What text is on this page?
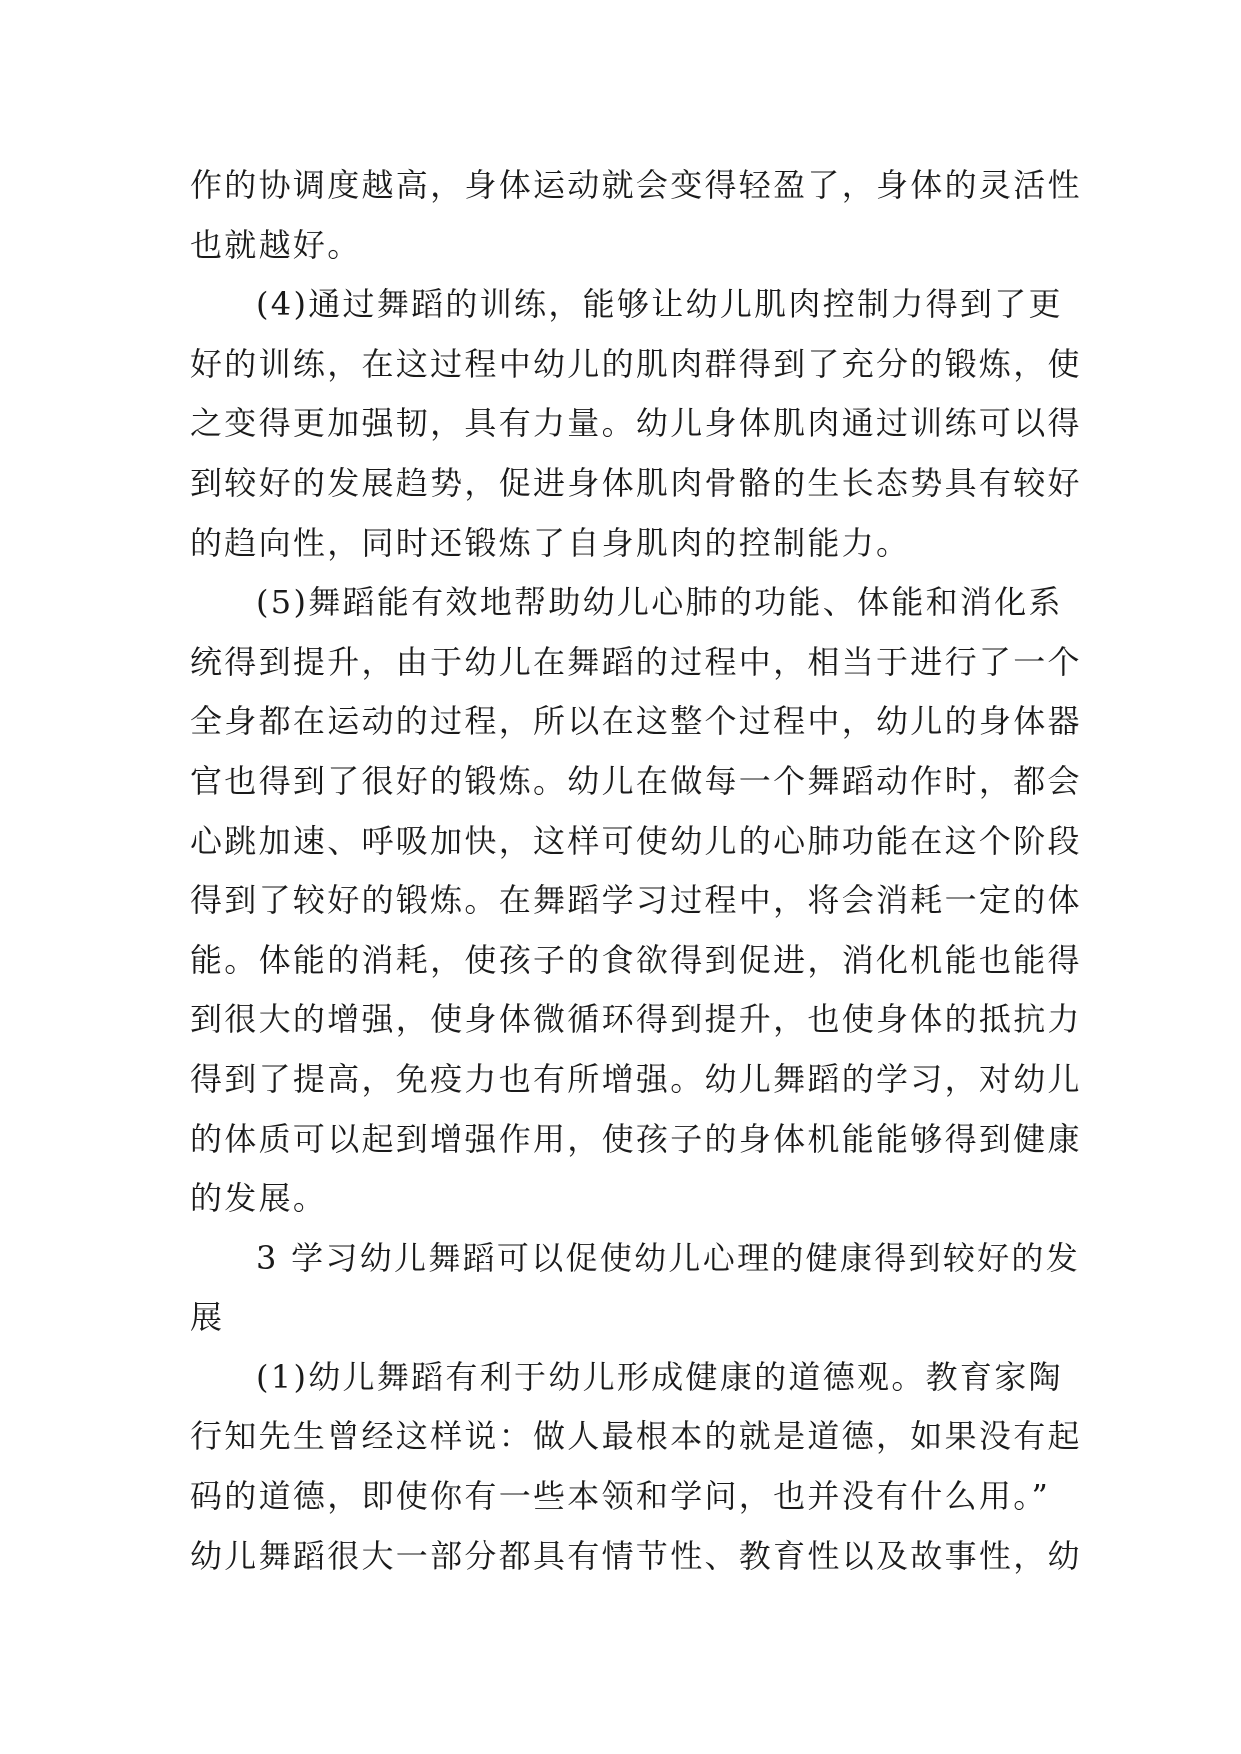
作的协调度越高，身体运动就会变得轻盈了，身体的灵活性
也就越好。
(4)通过舞蹈的训练，能够让幼儿肌肉控制力得到了更
好的训练，在这过程中幼儿的肌肉群得到了充分的锻炼，使
之变得更加强韧，具有力量。幼儿身体肌肉通过训练可以得
到较好的发展趋势，促进身体肌肉骨骼的生长态势具有较好
的趋向性，同时还锻炼了自身肌肉的控制能力。
(5)舞蹈能有效地帮助幼儿心肺的功能、体能和消化系
统得到提升，由于幼儿在舞蹈的过程中，相当于进行了一个
全身都在运动的过程，所以在这整个过程中，幼儿的身体器
官也得到了很好的锻炼。幼儿在做每一个舞蹈动作时，都会
心跳加速、呼吸加快，这样可使幼儿的心肺功能在这个阶段
得到了较好的锻炼。在舞蹈学习过程中，将会消耗一定的体
能。体能的消耗，使孩子的食欲得到促进，消化机能也能得
到很大的增强，使身体微循环得到提升，也使身体的抵抗力
得到了提高，免疫力也有所增强。幼儿舞蹈的学习，对幼儿
的体质可以起到增强作用，使孩子的身体机能能够得到健康
的发展。
3 学习幼儿舞蹈可以促使幼儿心理的健康得到较好的发
展
(1)幼儿舞蹈有利于幼儿形成健康的道德观。教育家陶
行知先生曾经这样说：做人最根本的就是道德，如果没有起
码的道德，即使你有一些本领和学问，也并没有什么用。”
幼儿舞蹈很大一部分都具有情节性、教育性以及故事性，幼
